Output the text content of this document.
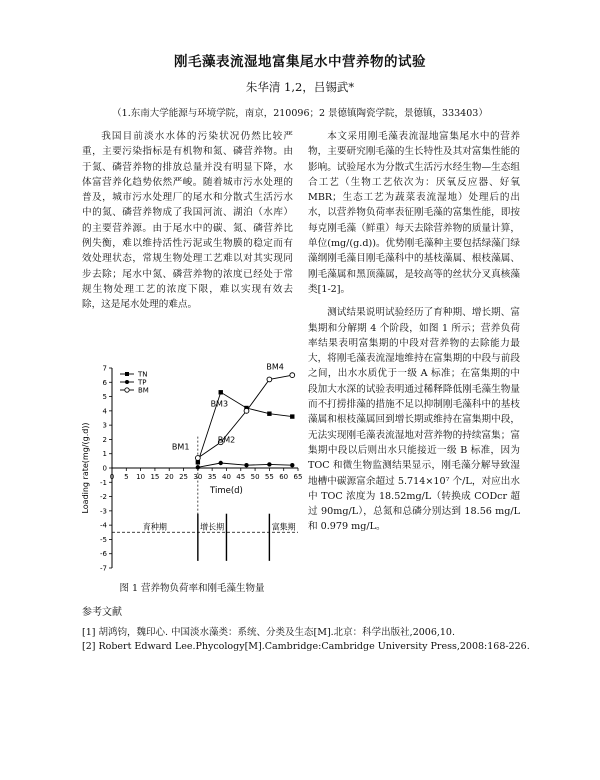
刚毛藻表流湿地富集尾水中营养物的试验
朱华清 1,2，吕锡武*
（1.东南大学能源与环境学院，南京，210096；2 景德镇陶瓷学院，景德镇，333403）

我国目前淡水水体的污染状况仍然比较严重，主要污染指标是有机物和氮、磷营养物。由于氮、磷营养物的排放总量并没有明显下降，水体富营养化趋势依然严峻。随着城市污水处理的普及，城市污水处理厂的尾水和分散式生活污水中的氮、磷营养物成了我国河流、湖泊（水库）的主要营养源。由于尾水中的碳、氮、磷营养比例失衡，难以维持活性污泥或生物膜的稳定而有效处理状态，常规生物处理工艺难以对其实现同步去除；尾水中氮、磷营养物的浓度已经处于常规生物处理工艺的浓度下限，难以实现有效去除，这是尾水处理的难点。

本文采用刚毛藻表流湿地富集尾水中的营养物，主要研究刚毛藻的生长特性及其对富集性能的影响。试验尾水为分散式生活污水经生物—生态组合工艺（生物工艺依次为：厌氧反应器、好氧 MBR；生态工艺为蔬菜表流湿地）处理后的出水，以营养物负荷率表征刚毛藻的富集性能，即按每克刚毛藻（鲜重）每天去除营养物的质量计算，单位(mg/(g.d))。优势刚毛藻种主要包括绿藻门绿藻纲刚毛藻目刚毛藻科中的基枝藻属、根枝藻属、刚毛藻属和黑顶藻属，是较高等的丝状分叉真核藻类[1-2]。

测试结果说明试验经历了育种期、增长期、富集期和分解期 4 个阶段，如图 1 所示；营养负荷率结果表明富集期的中段对营养物的去除能力最大，将刚毛藻表流湿地维持在富集期的中段与前段之间，出水水质优于一级 A 标准；在富集期的中段加大水深的试验表明通过稀释降低刚毛藻生物量而不打捞排藻的措施不足以抑制刚毛藻科中的基枝藻属和根枝藻属回到增长期或维持在富集期中段，无法实现刚毛藻表流湿地对营养物的持续富集；富集期中段以后则出水只能接近一级 B 标准，因为 TOC 和微生物监测结果显示，刚毛藻分解导致湿地槽中碳源富余超过 5.714×10⁷ 个/L，对应出水中 TOC 浓度为 18.52mg/L（转换成 CODcr 超过 90mg/L），总氮和总磷分别达到 18.56 mg/L 和 0.979 mg/L。

7
6
5
4
3
2
1
0
-1
-2
-3
-4
-5
-6
-7
0 5 10 15 20 25 30 35 40 45 50 55 60 65
Time(d)
Loading rate(mg/(g.d))
育种期	增长期	富集期
BM1
BM2
BM3
BM4
TN
TP
BM
图 1 营养物负荷率和刚毛藻生物量
参考文献
[1] 胡鸿钧，魏印心. 中国淡水藻类：系统、分类及生态[M].北京：科学出版社,2006,10.
[2] Robert Edward Lee.Phycology[M].Cambridge:Cambridge University Press,2008:168-226.
